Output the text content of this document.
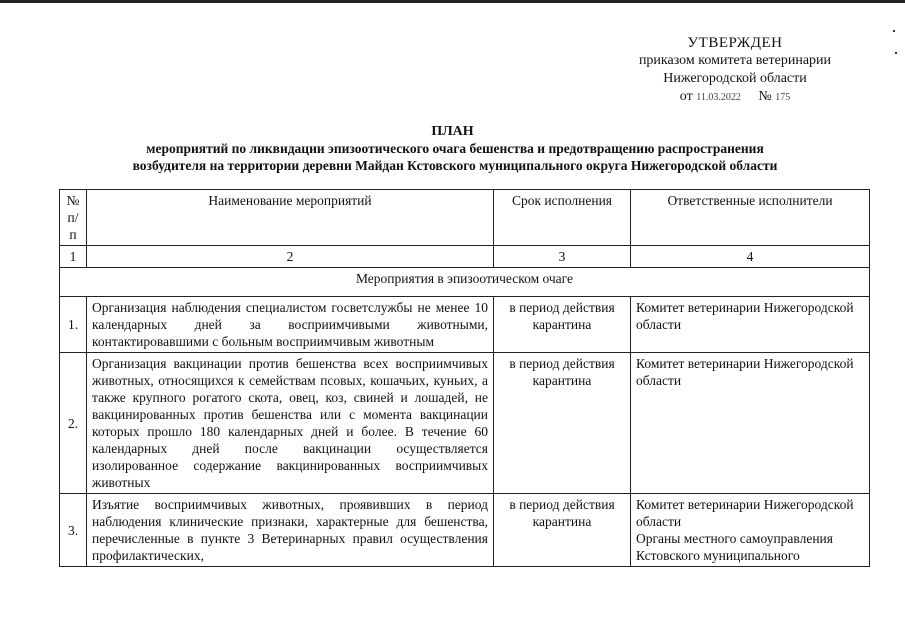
УТВЕРЖДЕН
приказом комитета ветеринарии
Нижегородской области
от 11.03.2022 № 175
ПЛАН
мероприятий по ликвидации эпизоотического очага бешенства и предотвращению распространения
возбудителя на территории деревни Майдан Кстовского муниципального округа Нижегородской области
№ п/п	Наименование мероприятий	Срок исполнения	Ответственные исполнители
1	2	3	4
Мероприятия в эпизоотическом очаге			
1.	Организация наблюдения специалистом госветслужбы не менее 10 календарных дней за восприимчивыми животными, контактировавшими с больным восприимчивым животным	в период действия карантина	Комитет ветеринарии Нижегородской области
2.	Организация вакцинации против бешенства всех восприимчивых животных, относящихся к семействам псовых, кошачьих, куньих, а также крупного рогатого скота, овец, коз, свиней и лошадей, не вакцинированных против бешенства или с момента вакцинации которых прошло 180 календарных дней и более. В течение 60 календарных дней после вакцинации осуществляется изолированное содержание вакцинированных восприимчивых животных	в период действия карантина	Комитет ветеринарии Нижегородской области
3.	Изъятие восприимчивых животных, проявивших в период наблюдения клинические признаки, характерные для бешенства, перечисленные в пункте 3 Ветеринарных правил осуществления профилактических,	в период действия карантина	Комитет ветеринарии Нижегородской области
Органы местного самоуправления Кстовского муниципального
